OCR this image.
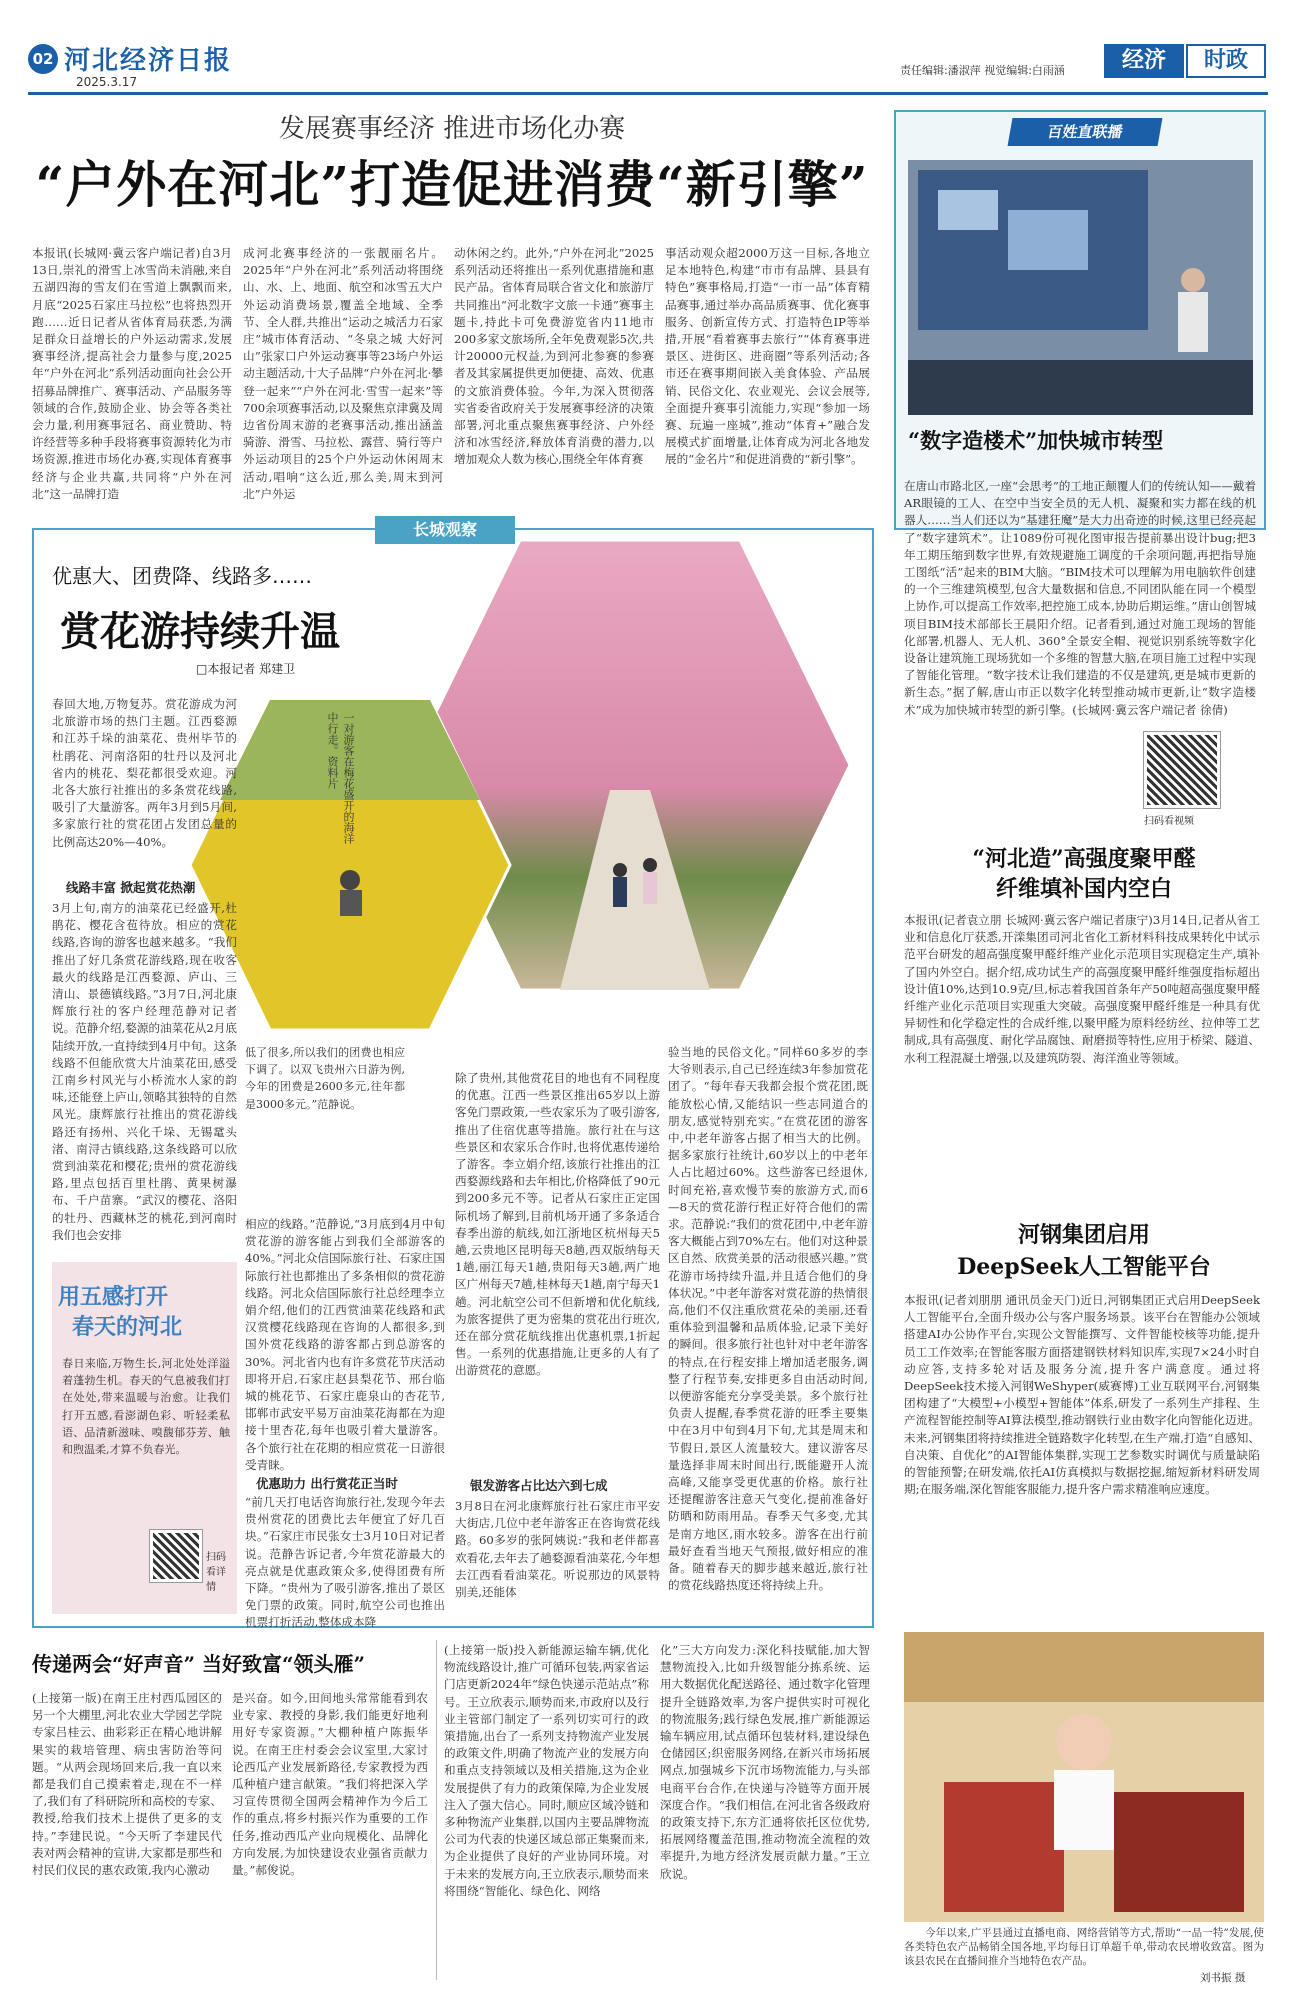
02 河北经济日报
2025.3.17
责任编辑:潘淑萍 视觉编辑:白雨涵	经济	时政
发展赛事经济 推进市场化办赛
“户外在河北”打造促进消费“新引擎”
本报讯(长城网·冀云客户端记者)自3月13日,崇礼的滑雪上冰雪尚未消融,来自五湖四海的雪友们在雪道上飘飘而来,月底“2025石家庄马拉松”也将热烈开跑……近日记者从省体育局获悉,为满足群众日益增长的户外运动需求,发展赛事经济,提高社会力量参与度,2025年“户外在河北”系列活动面向社会公开招募品牌推广、赛事活动、产品服务等领域的合作,鼓励企业、协会等各类社会力量,利用赛事冠名、商业赞助、特许经营等多种手段将赛事资源转化为市场资源,推进市场化办赛,实现体育赛事经济与企业共赢,共同将“户外在河北”这一品牌打造
成河北赛事经济的一张靓丽名片。2025年“户外在河北”系列活动将围绕山、水、上、地面、航空和冰雪五大户外运动消费场景,覆盖全地域、全季节、全人群,共推出“运动之城活力石家庄”城市体育活动、“冬泉之城 大好河山”张家口户外运动赛事等23场户外运动主题活动,十大子品牌“户外在河北·攀登一起来”“户外在河北·雪雪一起来”等700余项赛事活动,以及聚焦京津冀及周边省份周末游的老赛事活动,推出涵盖骑游、滑雪、马拉松、露营、骑行等户外运动项目的25个户外运动休闲周末活动,唱响“这么近,那么美,周末到河北”户外运
动休闲之约。此外,“户外在河北”2025系列活动还将推出一系列优惠措施和惠民产品。省体育局联合省文化和旅游厅共同推出“河北数字文旅一卡通”赛事主题卡,持此卡可免费游览省内11地市200多家文旅场所,全年免费观影5次,共计20000元权益,为到河北参赛的参赛者及其家属提供更加便捷、高效、优惠的文旅消费体验。今年,为深入贯彻落实省委省政府关于发展赛事经济的决策部署,河北重点聚焦赛事经济、户外经济和冰雪经济,释放体育消费的潜力,以增加观众人数为核心,围绕全年体育赛
事活动观众超2000万这一目标,各地立足本地特色,构建“市市有品牌、县县有特色”赛事格局,打造“一市一品”体育精品赛事,通过举办高品质赛事、优化赛事服务、创新宣传方式、打造特色IP等举措,开展“看着赛事去旅行”“体育赛事进景区、进街区、进商圈”等系列活动;各市还在赛事期间嵌入美食体验、产品展销、民俗文化、农业观光、会议会展等,全面提升赛事引流能力,实现“参加一场赛、玩遍一座城”,推动“体育+”融合发展模式扩面增量,让体育成为河北各地发展的“金名片”和促进消费的“新引擎”。
长城观察
优惠大、团费降、线路多……
赏花游持续升温
□本报记者 郑建卫
一对游客在梅花盛开的海洋中行走。资料片
春回大地,万物复苏。赏花游成为河北旅游市场的热门主题。江西婺源和江苏千垛的油菜花、贵州毕节的杜鹃花、河南洛阳的牡丹以及河北省内的桃花、梨花都很受欢迎。河北各大旅行社推出的多条赏花线路,吸引了大量游客。两年3月到5月间,多家旅行社的赏花团占发团总量的比例高达20%—40%。
线路丰富 掀起赏花热潮
3月上旬,南方的油菜花已经盛开,杜鹃花、樱花含苞待放。相应的赏花线路,咨询的游客也越来越多。“我们推出了好几条赏花游线路,现在收客最火的线路是江西婺源、庐山、三清山、景德镇线路。”3月7日,河北康辉旅行社的客户经理范静对记者说。范静介绍,婺源的油菜花从2月底陆续开放,一直持续到4月中旬。这条线路不但能欣赏大片油菜花田,感受江南乡村风光与小桥流水人家的韵味,还能登上庐山,领略其独特的自然风光。康辉旅行社推出的赏花游线路还有扬州、兴化千垛、无锡鼋头渚、南浔古镇线路,这条线路可以欣赏到油菜花和樱花;贵州的赏花游线路,里点包括百里杜鹃、黄果树瀑布、千户苗寨。“武汉的樱花、洛阳的牡丹、西藏林芝的桃花,到河南时我们也会安排
用五感打开
春天的河北
春日来临,万物生长,河北处处洋溢着蓬勃生机。春天的气息被我们打在处处,带来温暖与治愈。让我们打开五感,看澎湖色彩、听轻柔私语、品清新滋味、嗅馥郁芬芳、触和煦温柔,才算不负春光。
扫码看详情
低了很多,所以我们的团费也相应下调了。以双飞贵州六日游为例,今年的团费是2600多元,往年都是3000多元。”范静说。
相应的线路。”范静说,“3月底到4月中旬赏花游的游客能占到我们全部游客的40%。”河北众信国际旅行社、石家庄国际旅行社也都推出了多条相似的赏花游线路。河北众信国际旅行社总经理李立娟介绍,他们的江西赏油菜花线路和武汉赏樱花线路现在咨询的人都很多,到国外赏花线路的游客都占到总游客的30%。河北省内也有许多赏花节庆活动即将开启,石家庄赵县梨花节、邢台临城的桃花节、石家庄鹿泉山的杏花节,邯郸市武安平易万亩油菜花海都在为迎接十里杏花,每年也吸引着大量游客。各个旅行社在花期的相应赏花一日游很受青睐。
优惠助力 出行赏花正当时
“前几天打电话咨询旅行社,发现今年去贵州赏花的团费比去年便宜了好几百块。”石家庄市民张女士3月10日对记者说。范静告诉记者,今年赏花游最大的亮点就是优惠政策众多,使得团费有所下降。“贵州为了吸引游客,推出了景区免门票的政策。同时,航空公司也推出机票打折活动,整体成本降
除了贵州,其他赏花目的地也有不同程度的优惠。江西一些景区推出65岁以上游客免门票政策,一些农家乐为了吸引游客,推出了住宿优惠等措施。旅行社在与这些景区和农家乐合作时,也将优惠传递给了游客。李立娟介绍,该旅行社推出的江西婺源线路和去年相比,价格降低了90元到200多元不等。记者从石家庄正定国际机场了解到,目前机场开通了多条适合春季出游的航线,如江浙地区杭州每天5趟,云贵地区昆明每天8趟,西双版纳每天1趟,丽江每天1趟,贵阳每天3趟,两广地区广州每天7趟,桂林每天1趟,南宁每天1趟。河北航空公司不但新增和优化航线,为旅客提供了更为密集的赏花出行班次,还在部分赏花航线推出优惠机票,1折起售。一系列的优惠措施,让更多的人有了出游赏花的意愿。
银发游客占比达六到七成
3月8日在河北康辉旅行社石家庄市平安大街店,几位中老年游客正在咨询赏花线路。60多岁的张阿姨说:“我和老伴都喜欢看花,去年去了趟婺源看油菜花,今年想去江西看看油菜花。听说那边的风景特别美,还能体
验当地的民俗文化。”同样60多岁的李大爷则表示,自己已经连续3年参加赏花团了。“每年春天我都会报个赏花团,既能放松心情,又能结识一些志同道合的朋友,感觉特别充实。”在赏花团的游客中,中老年游客占据了相当大的比例。据多家旅行社统计,60岁以上的中老年人占比超过60%。这些游客已经退休,时间充裕,喜欢慢节奏的旅游方式,而6—8天的赏花游行程正好符合他们的需求。范静说:“我们的赏花团中,中老年游客大概能占到70%左右。他们对这种景区自然、欣赏美景的活动很感兴趣。”赏花游市场持续升温,并且适合他们的身体状况。”中老年游客对赏花游的热情很高,他们不仅注重欣赏花朵的美丽,还看重体验到温馨和品质体验,记录下美好的瞬间。很多旅行社也针对中老年游客的特点,在行程安排上增加适老服务,调整了行程节奏,安排更多自由活动时间,以便游客能充分享受美景。多个旅行社负责人提醒,春季赏花游的旺季主要集中在3月中旬到4月下旬,尤其是周末和节假日,景区人流量较大。建议游客尽量选择非周末时间出行,既能避开人流高峰,又能享受更优惠的价格。旅行社还提醒游客注意天气变化,提前准备好防晒和防雨用品。春季天气多变,尤其是南方地区,雨水较多。游客在出行前最好查看当地天气预报,做好相应的准备。随着春天的脚步越来越近,旅行社的赏花线路热度还将持续上升。
传递两会“好声音” 当好致富“领头雁”
(上接第一版)在南王庄村西瓜园区的另一个大棚里,河北农业大学园艺学院专家吕桂云、曲彩彩正在精心地讲解果实的栽培管理、病虫害防治等问题。“从两会现场回来后,我一直以来都是我们自己摸索着走,现在不一样了,我们有了科研院所和高校的专家、教授,给我们技术上提供了更多的支持。”李建民说。“今天听了李建民代表对两会精神的宣讲,大家都是那些和村民们仪民的惠农政策,我内心激动
是兴奋。如今,田间地头常常能看到农业专家、教授的身影,我们能更好地利用好专家资源。”大棚种植户陈振华说。在南王庄村委会会议室里,大家讨论西瓜产业发展新路径,专家教授为西瓜种植户建言献策。“我们将把深入学习宣传贯彻全国两会精神作为今后工作的重点,将乡村振兴作为重要的工作任务,推动西瓜产业向规模化、品牌化方向发展,为加快建设农业强省贡献力量。”郝俊说。
(上接第一版)投入新能源运输车辆,优化物流线路设计,推广可循环包装,两家省运门店更新2024年“绿色快递示范站点”称号。王立欣表示,顺势而来,市政府以及行业主管部门制定了一系列切实可行的政策措施,出台了一系列支持物流产业发展的政策文件,明确了物流产业的发展方向和重点支持领域以及相关措施,这为企业发展提供了有力的政策保障,为企业发展注入了强大信心。同时,顺应区域冷链和多种物流产业集群,以国内主要品牌物流公司为代表的快递区域总部正集聚而来,为企业提供了良好的产业协同环境。对于未来的发展方向,王立欣表示,顺势而来将围绕“智能化、绿色化、网络
化”三大方向发力:深化科技赋能,加大智慧物流投入,比如升级智能分拣系统、运用大数据优化配送路径、通过数字化管理提升全链路效率,为客户提供实时可视化的物流服务;践行绿色发展,推广新能源运输车辆应用,试点循环包装材料,建设绿色仓储园区;织密服务网络,在新兴市场拓展网点,加强城乡下沉市场物流能力,与头部电商平台合作,在快递与冷链等方面开展深度合作。“我们相信,在河北省各级政府的政策支持下,东方汇通将依托区位优势,拓展网络覆盖范围,推动物流全流程的效率提升,为地方经济发展贡献力量。”王立欣说。
百姓直联播
“数字造楼术”加快城市转型
在唐山市路北区,一座“会思考”的工地正颠覆人们的传统认知——戴着AR眼镜的工人、在空中当安全员的无人机、凝聚和实力都在线的机器人……当人们还以为“基建狂魔”是大力出奇迹的时候,这里已经亮起了“数字建筑术”。让1089份可视化图审报告提前暴出设计bug;把3年工期压缩到数字世界,有效规避施工调度的千余项问题,再把指导施工图纸“活”起来的BIM大脑。“BIM技术可以理解为用电脑软件创建的一个三维建筑模型,包含大量数据和信息,不同团队能在同一个模型上协作,可以提高工作效率,把控施工成本,协助后期运维。”唐山创智城项目BIM技术部部长王晨阳介绍。记者看到,通过对施工现场的智能化部署,机器人、无人机、360°全景安全帽、视觉识别系统等数字化设备让建筑施工现场犹如一个多维的智慧大脑,在项目施工过程中实现了智能化管理。“数字技术让我们建造的不仅是建筑,更是城市更新的新生态。”据了解,唐山市正以数字化转型推动城市更新,让“数字造楼术”成为加快城市转型的新引擎。(长城网·冀云客户端记者 徐倩)
扫码看视频
“河北造”高强度聚甲醛
纤维填补国内空白
本报讯(记者袁立朋 长城网·冀云客户端记者康宁)3月14日,记者从省工业和信息化厅获悉,开滦集团司河北省化工新材料科技成果转化中试示范平台研发的超高强度聚甲醛纤维产业化示范项目实现稳定生产,填补了国内外空白。据介绍,成功试生产的高强度聚甲醛纤维强度指标超出设计值10%,达到10.9克/旦,标志着我国首条年产50吨超高强度聚甲醛纤维产业化示范项目实现重大突破。高强度聚甲醛纤维是一种具有优异韧性和化学稳定性的合成纤维,以聚甲醛为原料经纺丝、拉伸等工艺制成,具有高强度、耐化学品腐蚀、耐磨损等特性,应用于桥梁、隧道、水利工程混凝土增强,以及建筑防裂、海洋渔业等领域。
河钢集团启用
DeepSeek人工智能平台
本报讯(记者刘朋朋 通讯员金天门)近日,河钢集团正式启用DeepSeek人工智能平台,全面升级办公与客户服务场景。该平台在智能办公领域搭建AI办公协作平台,实现公文智能撰写、文件智能校核等功能,提升员工工作效率;在智能客服方面搭建钢铁材料知识库,实现7×24小时自动应答,支持多轮对话及服务分流,提升客户满意度。通过将DeepSeek技术接入河钢WeShyper(威赛博)工业互联网平台,河钢集团构建了“大模型+小模型+智能体”体系,研发了一系列生产排程、生产流程智能控制等AI算法模型,推动钢铁行业由数字化向智能化迈进。未来,河钢集团将持续推进全链路数字化转型,在生产端,打造“自感知、自决策、自优化”的AI智能体集群,实现工艺参数实时调优与质量缺陷的智能预警;在研发端,依托AI仿真模拟与数据挖掘,缩短新材料研发周期;在服务端,深化智能客服能力,提升客户需求精准响应速度。
今年以来,广平县通过直播电商、网络营销等方式,帮助“一品一特”发展,使各类特色农产品畅销全国各地,平均每日订单超千单,带动农民增收致富。图为该县农民在直播间推介当地特色农产品。
刘书振 摄
